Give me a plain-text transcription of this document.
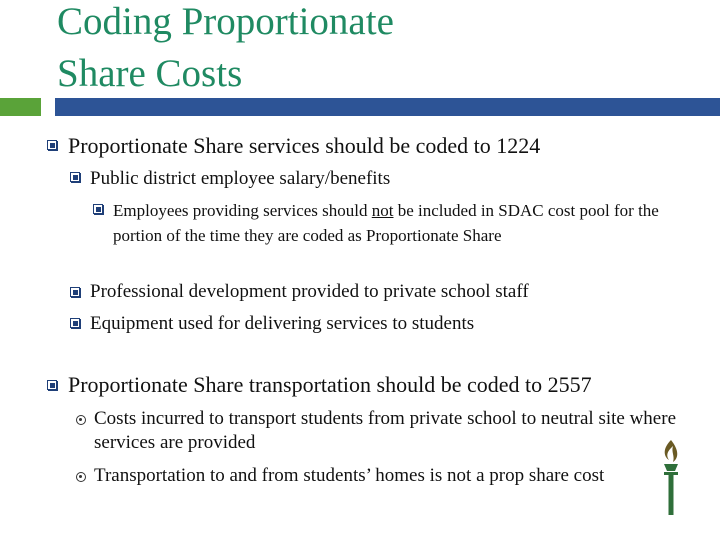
Coding Proportionate
Share Costs
Proportionate Share services should be coded to 1224
Public district employee salary/benefits
Employees providing services should not be included in SDAC cost pool for the portion of the time they are coded as Proportionate Share
Professional development provided to private school staff
Equipment used for delivering services to students
Proportionate Share transportation should be coded to 2557
Costs incurred to transport students from private school to neutral site where services are provided
Transportation to and from students’ homes is not a prop share cost
